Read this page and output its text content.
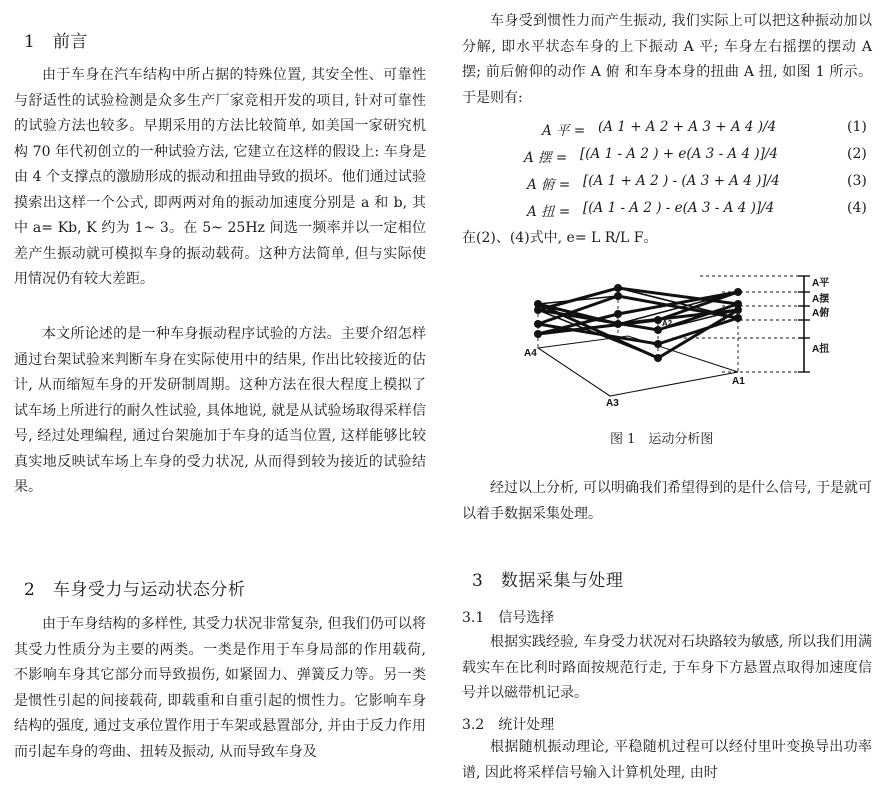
1　前言

由于车身在汽车结构中所占据的特殊位置, 其安全性、可靠性与舒适性的试验检测是众多生产厂家竞相开发的项目, 针对可靠性的试验方法也较多。早期采用的方法比较简单, 如美国一家研究机构 70 年代初创立的一种试验方法, 它建立在这样的假设上: 车身是由 4 个支撑点的激励形成的振动和扭曲导致的损坏。他们通过试验摸索出这样一个公式, 即两两对角的振动加速度分别是 a 和 b, 其中 a= Kb, K 约为 1~ 3。在 5~ 25Hz 间选一频率并以一定相位差产生振动就可模拟车身的振动载荷。这种方法简单, 但与实际使用情况仍有较大差距。

本文所论述的是一种车身振动程序试验的方法。主要介绍怎样通过台架试验来判断车身在实际使用中的结果, 作出比较接近的估计, 从而缩短车身的开发研制周期。这种方法在很大程度上模拟了试车场上所进行的耐久性试验, 具体地说, 就是从试验场取得采样信号, 经过处理编程, 通过台架施加于车身的适当位置, 这样能够比较真实地反映试车场上车身的受力状况, 从而得到较为接近的试验结果。

2　车身受力与运动状态分析

由于车身结构的多样性, 其受力状况非常复杂, 但我们仍可以将其受力性质分为主要的两类。一类是作用于车身局部的作用载荷, 不影响车身其它部分而导致损伤, 如紧固力、弹簧反力等。另一类是惯性引起的间接载荷, 即载重和自重引起的惯性力。它影响车身结构的强度, 通过支承位置作用于车架或悬置部分, 并由于反力作用而引起车身的弯曲、扭转及振动, 从而导致车身及

车身受到惯性力而产生振动, 我们实际上可以把这种振动加以分解, 即水平状态车身的上下振动 A 平; 车身左右摇摆的摆动 A 摆; 前后俯仰的动作 A 俯 和车身本身的扭曲 A 扭, 如图 1 所示。 于是则有:

A 平 = (A 1 + A 2 + A 3 + A 4 )/4	(1)
A 摆 = [(A 1 - A 2 ) + e(A 3 - A 4 )]/4	(2)
A 俯 = [(A 1 + A 2 ) - (A 3 + A 4 )]/4	(3)
A 扭 = [(A 1 - A 2 ) - e(A 3 - A 4 )]/4	(4)
在(2)、(4)式中, e= L R/L F。
A平
A摆
A俯
A扭
A4
A3
A1
A2
图 1　运动分析图

经过以上分析, 可以明确我们希望得到的是什么信号, 于是就可以着手数据采集处理。

3　数据采集与处理
3.1　信号选择

根据实践经验, 车身受力状况对石块路较为敏感, 所以我们用满载实车在比利时路面按规范行走, 于车身下方悬置点取得加速度信号并以磁带机记录。

3.2　统计处理

根据随机振动理论, 平稳随机过程可以经付里叶变换导出功率谱, 因此将采样信号输入计算机处理, 由时
